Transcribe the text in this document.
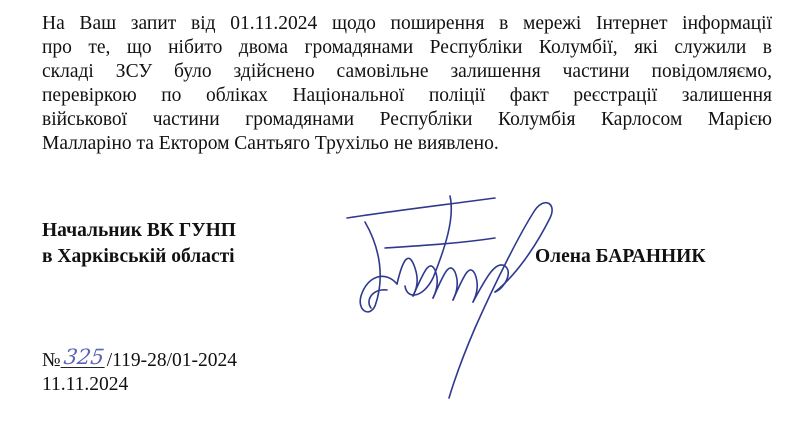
На Ваш запит від 01.11.2024 щодо поширення в мережі Інтернет інформації
про те, що нібито двома громадянами Республіки Колумбії, які служили в
складі ЗСУ було здійснено самовільне залишення частини повідомляємо,
перевіркою по обліках Національної поліції факт реєстрації залишення
військової частини громадянами Республіки Колумбія Карлосом Марією
Малларіно та Ектором Сантьяго Трухільо не виявлено.
Начальник ВК ГУНП
в Харківській області	Олена БАРАННИК
№325/119-28/01-2024
11.11.2024
